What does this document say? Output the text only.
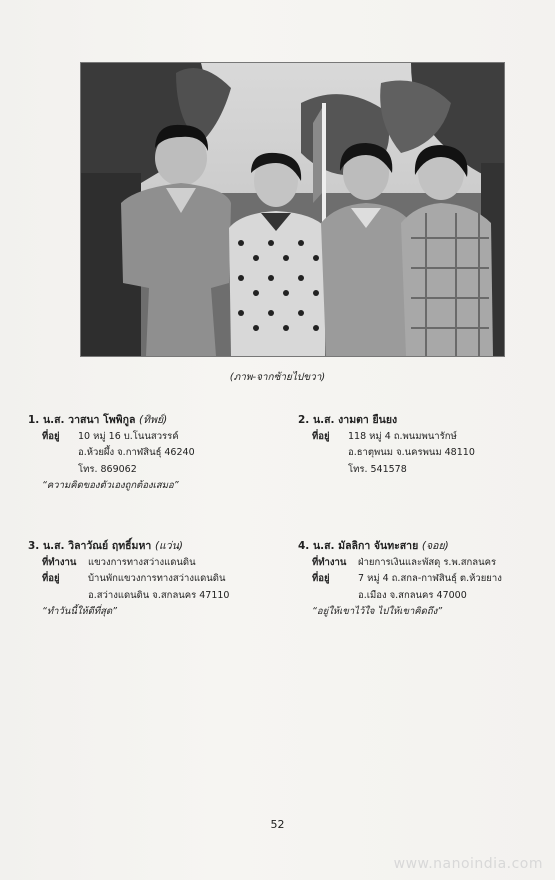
(ภาพ-จากซ้ายไปขวา)
1. น.ส. วาสนา โพพิกูล (ทิพย์)
ที่อยู่ 10 หมู่ 16 บ.โนนสวรรค์
อ.ห้วยผึ้ง จ.กาฬสินธุ์ 46240
โทร. 869062
“ความคิดของตัวเองถูกต้องเสมอ”
2. น.ส. งามตา ยืนยง
ที่อยู่ 118 หมู่ 4 ถ.พนมพนารักษ์
อ.ธาตุพนม จ.นครพนม 48110
โทร. 541578
3. น.ส. วิลาวัณย์ ฤทธิ์มหา (แว่น)
ที่ทำงาน แขวงการทางสว่างแดนดิน
ที่อยู่	บ้านพักแขวงการทางสว่างแดนดิน
อ.สว่างแดนดิน จ.สกลนคร 47110
“ทำวันนี้ให้ดีที่สุด”
4. น.ส. มัลลิกา จันทะสาย (จอย)
ที่ทำงาน ฝ่ายการเงินและพัสดุ ร.พ.สกลนคร
ที่อยู่	7 หมู่ 4 ถ.สกล-กาฬสินธุ์ ต.ห้วยยาง
อ.เมือง จ.สกลนคร 47000
“อยู่ให้เขาไว้ใจ ไปให้เขาคิดถึง”
52
www.nanoindia.com
